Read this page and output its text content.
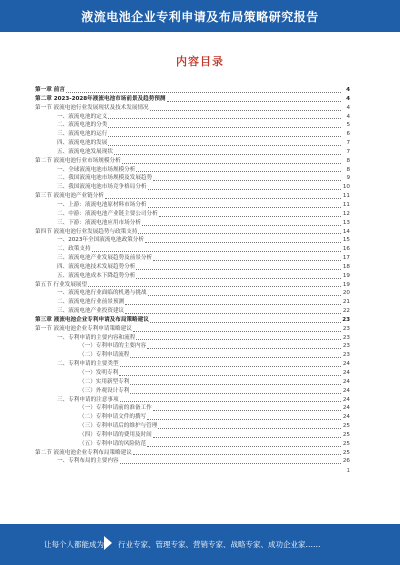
液流电池企业专利申请及布局策略研究报告
内容目录
第一章 前言	4
第二章 2023-2028年液流电池市场前景及趋势预测	4
第一节 液流电池行业发展现状及技术发展情况	4
一、液流电池的定义	4
二、液流电池的分类	5
三、液流电池的运行	6
四、液流电池的发展	7
五、液流电池发展现状	7
第二节 液流电池行业市场规模分析	8
一、全球液流电池市场规模分析	8
二、我国液流电池市场规模及发展趋势	9
三、我国液流电池市场竞争格局分析	10
第三节 液流电池产业链分析	11
一、上游：液流电池原材料市场分析	11
二、中游：液流电池产业链主要公司分析	12
三、下游：液流电池应用市场分析	13
第四节 液流电池行业发展趋势与政策支持	14
一、2023年全国液流电池政策分析	15
二、政策支持	16
三、液流电池产业发展趋势及前景分析	17
四、液流电池技术发展趋势分析	18
五、液流电池成本下降趋势分析	19
第五节 行业发展展望	19
一、液流电池行业面临的机遇与挑战	20
二、液流电池行业前景预测	21
三、液流电池产业投资建议	22
第三章 液流电池企业专利申请及布局策略建议	23
第一节 液流电池企业专利申请策略建议	23
一、专利申请的主要内容和流程	23
（一）专利申请的主要内容	23
（二）专利申请流程	23
二、专利申请的主要类型	24
（一）发明专利	24
（二）实用新型专利	24
（三）外观设计专利	24
三、专利申请的注意事项	24
（一）专利申请前的准备工作	24
（二）专利申请文件的撰写	24
（三）专利申请后的维护与管理	25
（四）专利申请的费用及时间	25
（五）专利申请的风险防范	25
第二节 液流电池企业专利布局策略建议	25
一、专利布局的主要内容	26
1
让每个人都能成为 行业专家、管理专家、营销专家、战略专家、成功企业家……
